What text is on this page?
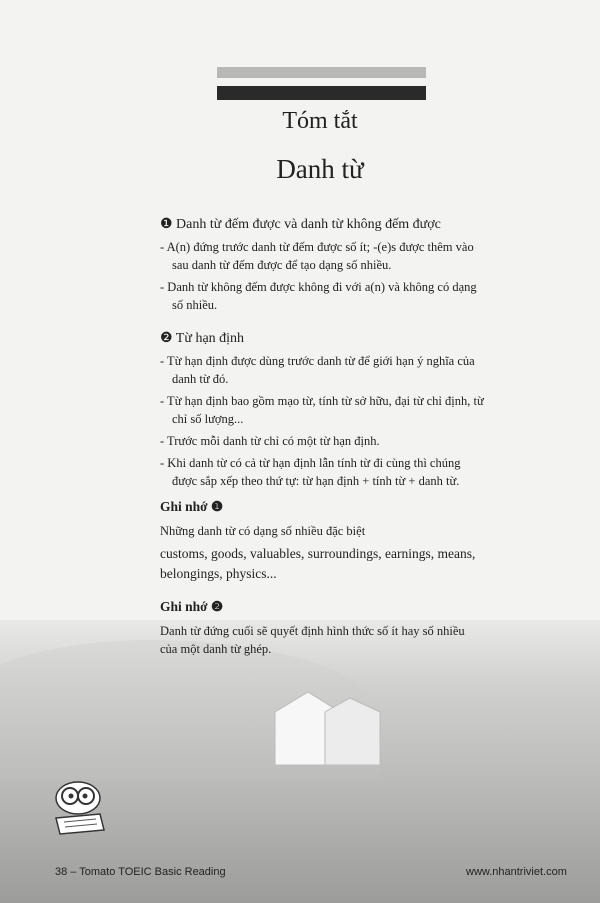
Tóm tắt
Danh từ
❶ Danh từ đếm được và danh từ không đếm được
- A(n) đứng trước danh từ đếm được số ít; -(e)s được thêm vào sau danh từ đếm được để tạo dạng số nhiều.
- Danh từ không đếm được không đi với a(n) và không có dạng số nhiều.
❷ Từ hạn định
- Từ hạn định được dùng trước danh từ để giới hạn ý nghĩa của danh từ đó.
- Từ hạn định bao gồm mạo từ, tính từ sở hữu, đại từ chỉ định, từ chỉ số lượng...
- Trước mỗi danh từ chỉ có một từ hạn định.
- Khi danh từ có cả từ hạn định lẫn tính từ đi cùng thì chúng được sắp xếp theo thứ tự: từ hạn định + tính từ + danh từ.
Ghi nhớ ❶
Những danh từ có dạng số nhiều đặc biệt
customs, goods, valuables, surroundings, earnings, means, belongings, physics...
Ghi nhớ ❷
Danh từ đứng cuối sẽ quyết định hình thức số ít hay số nhiều của một danh từ ghép.
38 – Tomato TOEIC Basic Reading	www.nhantriviet.com
